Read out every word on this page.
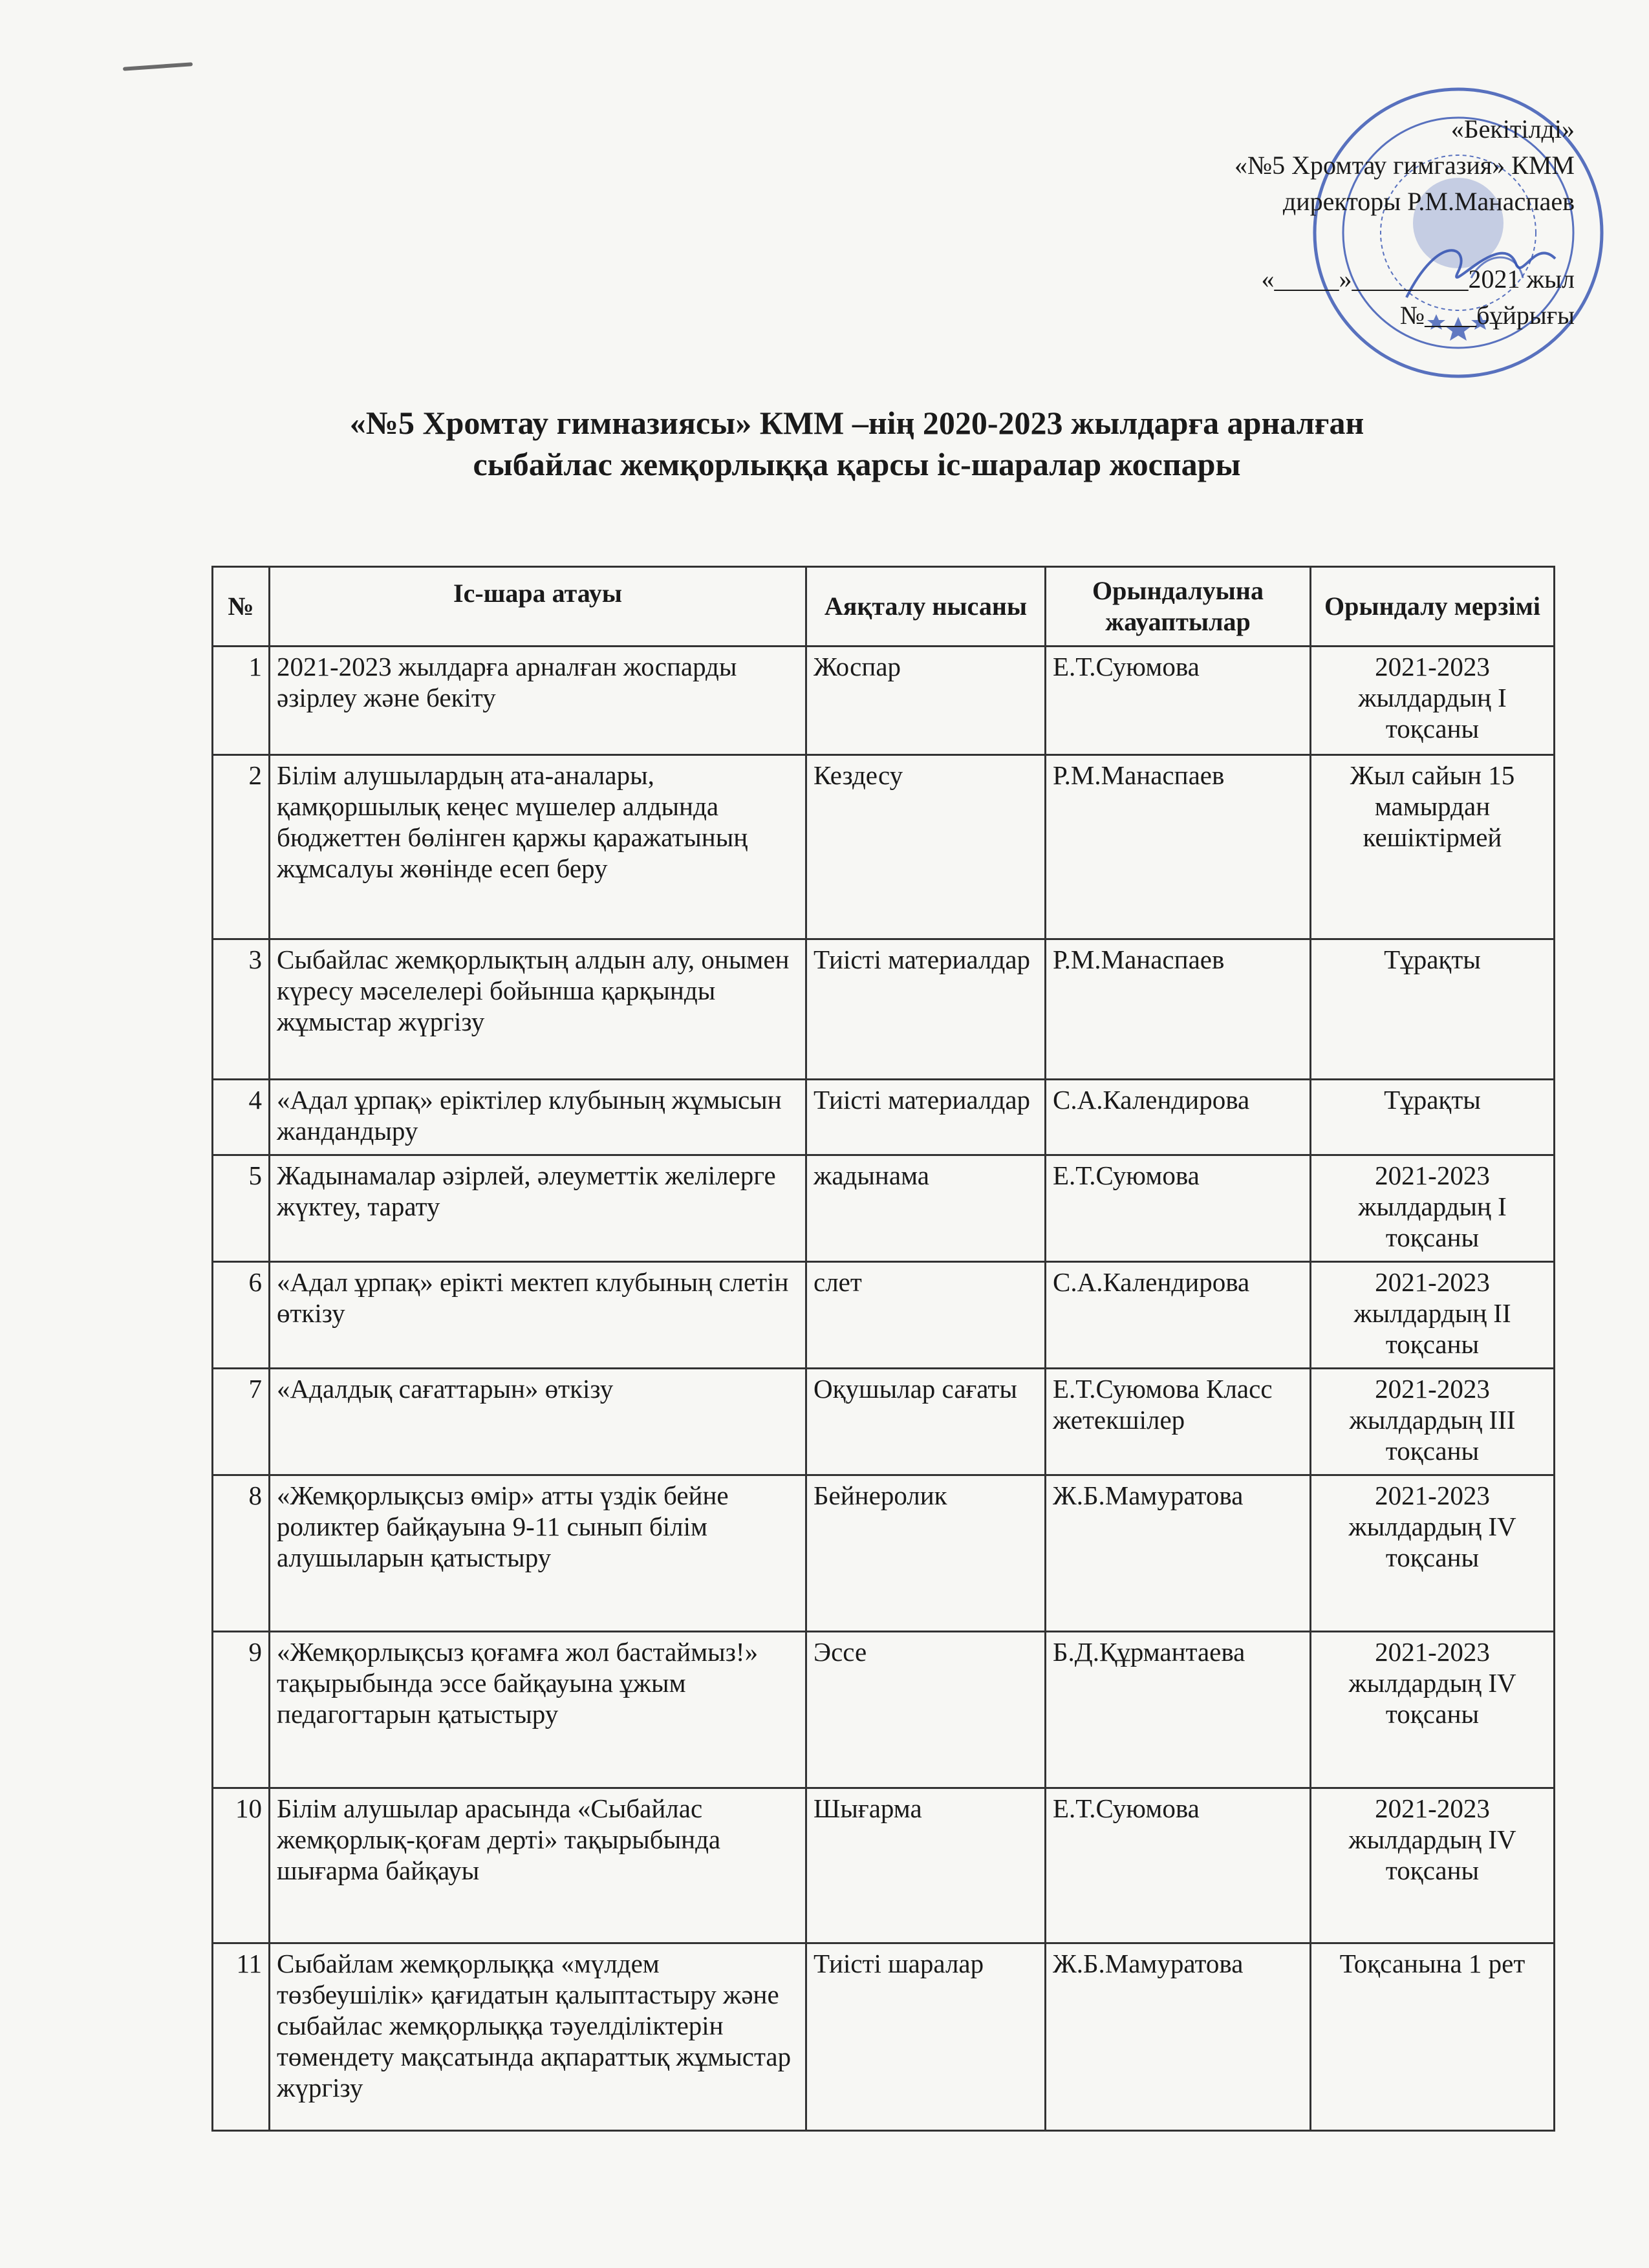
«Бекітілді»
«№5 Хромтау гимгазия» КММ
директоры Р.М.Манаспаев
«_____»_________2021 жыл
№____бұйрығы
«№5 Хромтау гимназиясы» КММ –нің 2020-2023 жылдарға арналған
сыбайлас жемқорлыққа қарсы іс-шаралар жоспары
№	Іс-шара атауы	Аяқталу нысаны	Орындалуына жауаптылар	Орындалу мерзімі
1	2021-2023 жылдарға арналған жоспарды әзірлеу және бекіту	Жоспар	Е.Т.Суюмова	2021-2023 жылдардың І тоқсаны
2	Білім алушылардың ата-аналары, қамқоршылық кеңес мүшелер алдында бюджеттен бөлінген қаржы қаражатының жұмсалуы жөнінде есеп беру	Кездесу	Р.М.Манаспаев	Жыл сайын 15 мамырдан кешіктірмей
3	Сыбайлас жемқорлықтың алдын алу, онымен күресу мәселелері бойынша қарқынды жұмыстар жүргізу	Тиісті материалдар	Р.М.Манаспаев	Тұрақты
4	«Адал ұрпақ» еріктілер клубының жұмысын жандандыру	Тиісті материалдар	С.А.Календирова	Тұрақты
5	Жадынамалар әзірлей, әлеуметтік желілерге жүктеу, тарату	жадынама	Е.Т.Суюмова	2021-2023 жылдардың І тоқсаны
6	«Адал ұрпақ» ерікті мектеп клубының слетін өткізу	слет	С.А.Календирова	2021-2023 жылдардың ІІ тоқсаны
7	«Адалдық сағаттарын» өткізу	Оқушылар сағаты	Е.Т.Суюмова Класс жетекшілер	2021-2023 жылдардың ІІІ тоқсаны
8	«Жемқорлықсыз өмір» атты үздік бейне роликтер байқауына 9-11 сынып білім алушыларын қатыстыру	Бейнеролик	Ж.Б.Мамуратова	2021-2023 жылдардың ІV тоқсаны
9	«Жемқорлықсыз қоғамға жол бастаймыз!» тақырыбында эссе байқауына ұжым педагогтарын қатыстыру	Эссе	Б.Д.Құрмантаева	2021-2023 жылдардың ІV тоқсаны
10	Білім алушылар арасында «Сыбайлас жемқорлық-қоғам дерті» тақырыбында шығарма байқауы	Шығарма	Е.Т.Суюмова	2021-2023 жылдардың ІV тоқсаны
11	Сыбайлам жемқорлыққа «мүлдем төзбеушілік» қағидатын қалыптастыру және сыбайлас жемқорлыққа тәуелділіктерін төмендету мақсатында ақпараттық жұмыстар жүргізу	Тиісті шаралар	Ж.Б.Мамуратова	Тоқсанына 1 рет
